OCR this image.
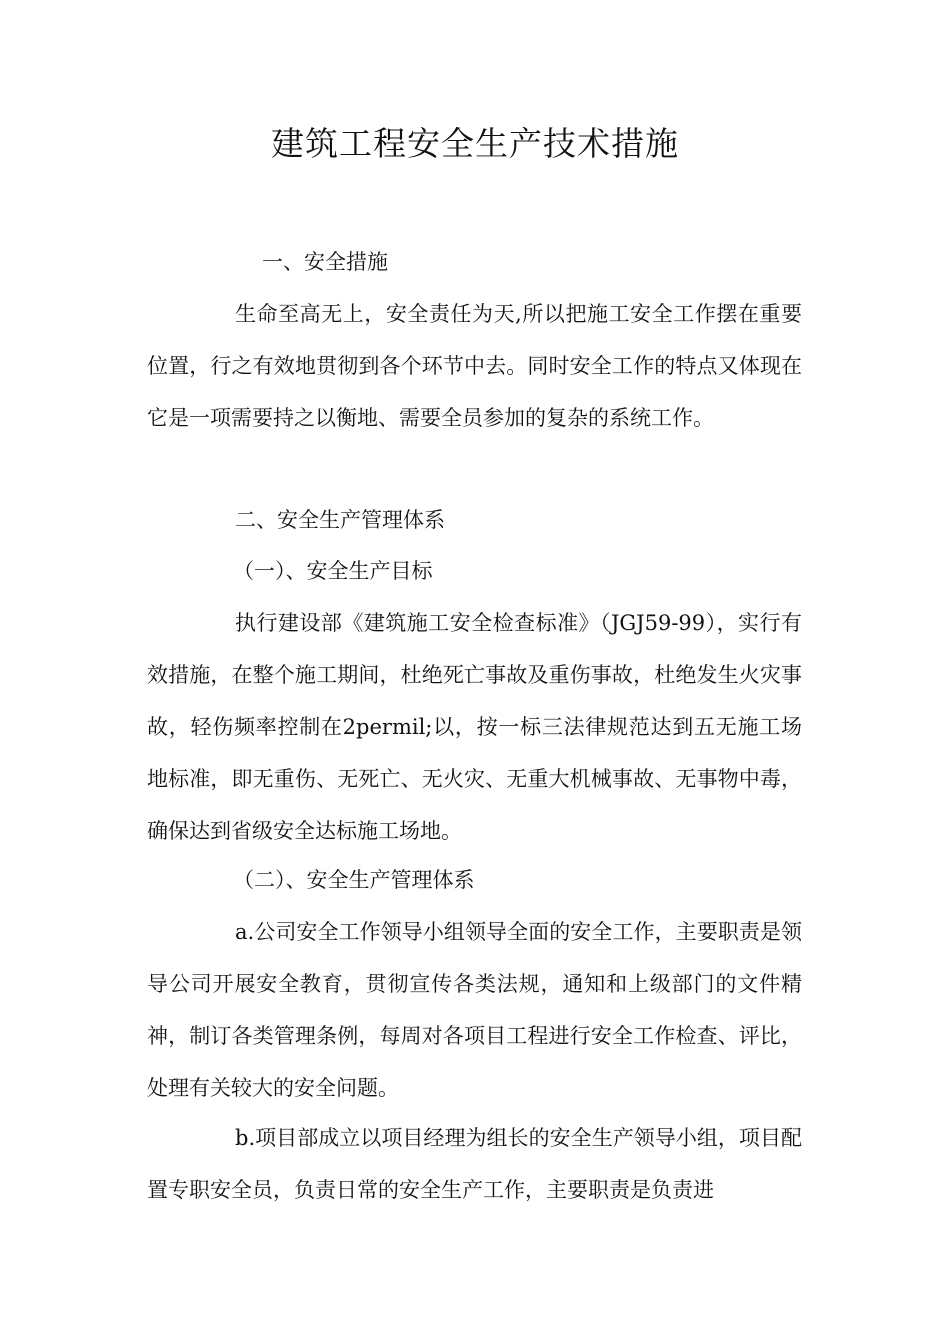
建筑工程安全生产技术措施

一、安全措施

生命至高无上，安全责任为天,所以把施工安全工作摆在重要位置，行之有效地贯彻到各个环节中去。同时安全工作的特点又体现在它是一项需要持之以衡地、需要全员参加的复杂的系统工作。

二、安全生产管理体系

（一）、安全生产目标

执行建设部《建筑施工安全检查标准》（JGJ59-99），实行有效措施，在整个施工期间，杜绝死亡事故及重伤事故，杜绝发生火灾事故，轻伤频率控制在2permil;以，按一标三法律规范达到五无施工场地标准，即无重伤、无死亡、无火灾、无重大机械事故、无事物中毒，确保达到省级安全达标施工场地。

（二）、安全生产管理体系

a.公司安全工作领导小组领导全面的安全工作，主要职责是领导公司开展安全教育，贯彻宣传各类法规，通知和上级部门的文件精神，制订各类管理条例，每周对各项目工程进行安全工作检查、评比，处理有关较大的安全问题。

b.项目部成立以项目经理为组长的安全生产领导小组，项目配置专职安全员，负责日常的安全生产工作，主要职责是负责进
